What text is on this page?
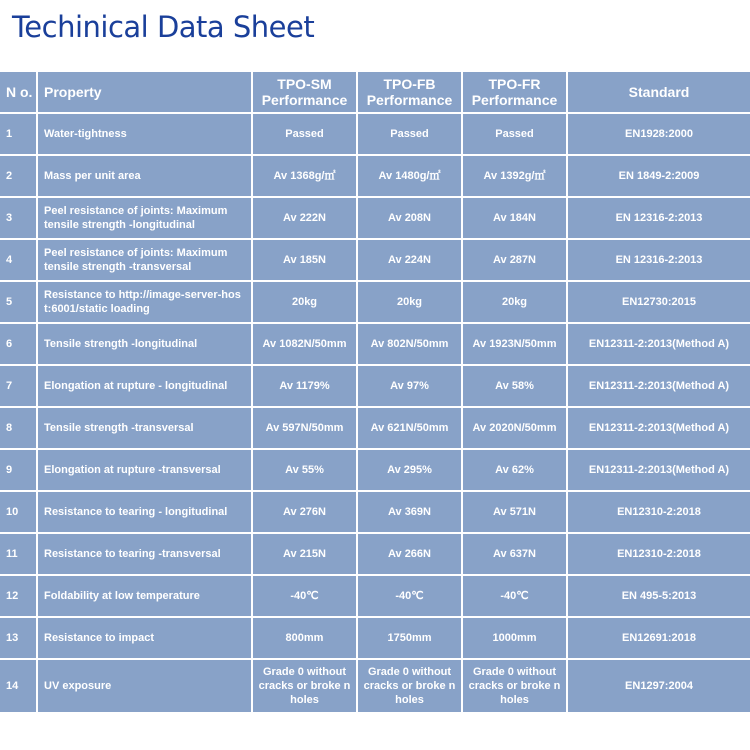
Techinical Data Sheet
N o.	Property	TPO-SM Performance	TPO-FB Performance	TPO-FR Performance	Standard
1	Water-tightness	Passed	Passed	Passed	EN1928:2000
2	Mass per unit area	Av 1368g/㎡	Av 1480g/㎡	Av 1392g/㎡	EN 1849-2:2009
3	Peel resistance of joints: Maximum tensile strength -longitudinal	Av 222N	Av 208N	Av 184N	EN 12316-2:2013
4	Peel resistance of joints: Maximum tensile strength -transversal	Av 185N	Av 224N	Av 287N	EN 12316-2:2013
5	Resistance to http://image-server-host:6001/static loading	20kg	20kg	20kg	EN12730:2015
6	Tensile strength -longitudinal	Av 1082N/50mm	Av 802N/50mm	Av 1923N/50mm	EN12311-2:2013(Method A)
7	Elongation at rupture - longitudinal	Av 1179%	Av 97%	Av 58%	EN12311-2:2013(Method A)
8	Tensile strength -transversal	Av 597N/50mm	Av 621N/50mm	Av 2020N/50mm	EN12311-2:2013(Method A)
9	Elongation at rupture -transversal	Av 55%	Av 295%	Av 62%	EN12311-2:2013(Method A)
10	Resistance to tearing - longitudinal	Av 276N	Av 369N	Av 571N	EN12310-2:2018
11	Resistance to tearing -transversal	Av 215N	Av 266N	Av 637N	EN12310-2:2018
12	Foldability at low temperature	-40℃	-40℃	-40℃	EN 495-5:2013
13	Resistance to impact	800mm	1750mm	1000mm	EN12691:2018
14	UV exposure	Grade 0 without cracks or broke n holes	Grade 0 without cracks or broke n holes	Grade 0 without cracks or broke n holes	EN1297:2004
